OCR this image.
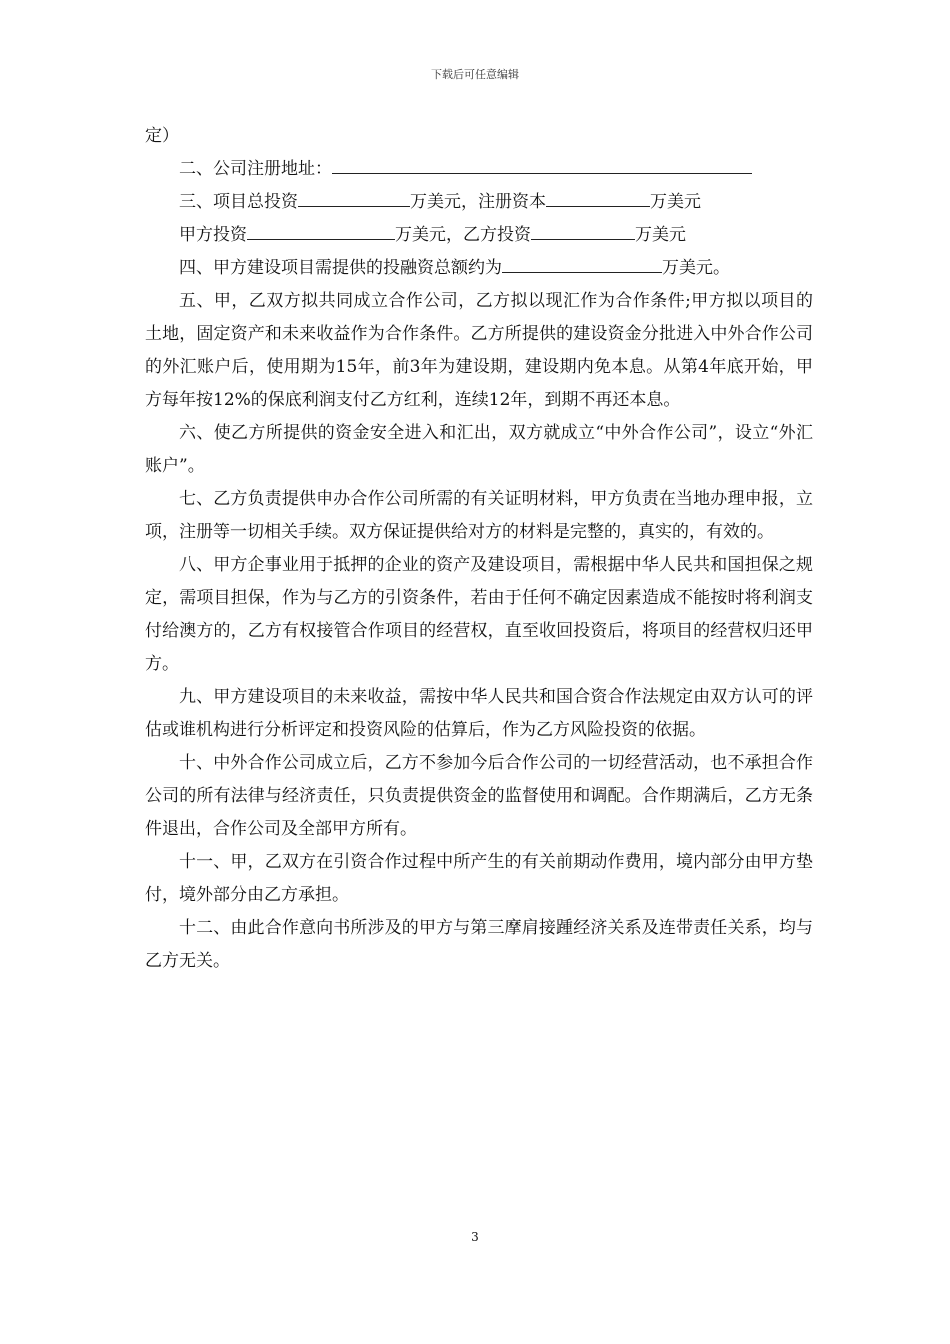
下载后可任意编辑
定）
二、公司注册地址：
三、项目总投资	万美元，注册资本	万美元
甲方投资	万美元，乙方投资	万美元
四、甲方建设项目需提供的投融资总额约为	万美元。

五、甲，乙双方拟共同成立合作公司，乙方拟以现汇作为合作条件;甲方拟以项目的土地，固定资产和未来收益作为合作条件。乙方所提供的建设资金分批进入中外合作公司的外汇账户后，使用期为15年，前3年为建设期，建设期内免本息。从第4年底开始，甲方每年按12%的保底利润支付乙方红利，连续12年，到期不再还本息。

六、使乙方所提供的资金安全进入和汇出，双方就成立“中外合作公司”，设立“外汇账户”。

七、乙方负责提供申办合作公司所需的有关证明材料，甲方负责在当地办理申报，立项，注册等一切相关手续。双方保证提供给对方的材料是完整的，真实的，有效的。

八、甲方企事业用于抵押的企业的资产及建设项目，需根据中华人民共和国担保之规定，需项目担保，作为与乙方的引资条件，若由于任何不确定因素造成不能按时将利润支付给澳方的，乙方有权接管合作项目的经营权，直至收回投资后，将项目的经营权归还甲方。

九、甲方建设项目的未来收益，需按中华人民共和国合资合作法规定由双方认可的评估或谁机构进行分析评定和投资风险的估算后，作为乙方风险投资的依据。

十、中外合作公司成立后，乙方不参加今后合作公司的一切经营活动，也不承担合作公司的所有法律与经济责任，只负责提供资金的监督使用和调配。合作期满后，乙方无条件退出，合作公司及全部甲方所有。

十一、甲，乙双方在引资合作过程中所产生的有关前期动作费用，境内部分由甲方垫付，境外部分由乙方承担。

十二、由此合作意向书所涉及的甲方与第三摩肩接踵经济关系及连带责任关系，均与乙方无关。

3
